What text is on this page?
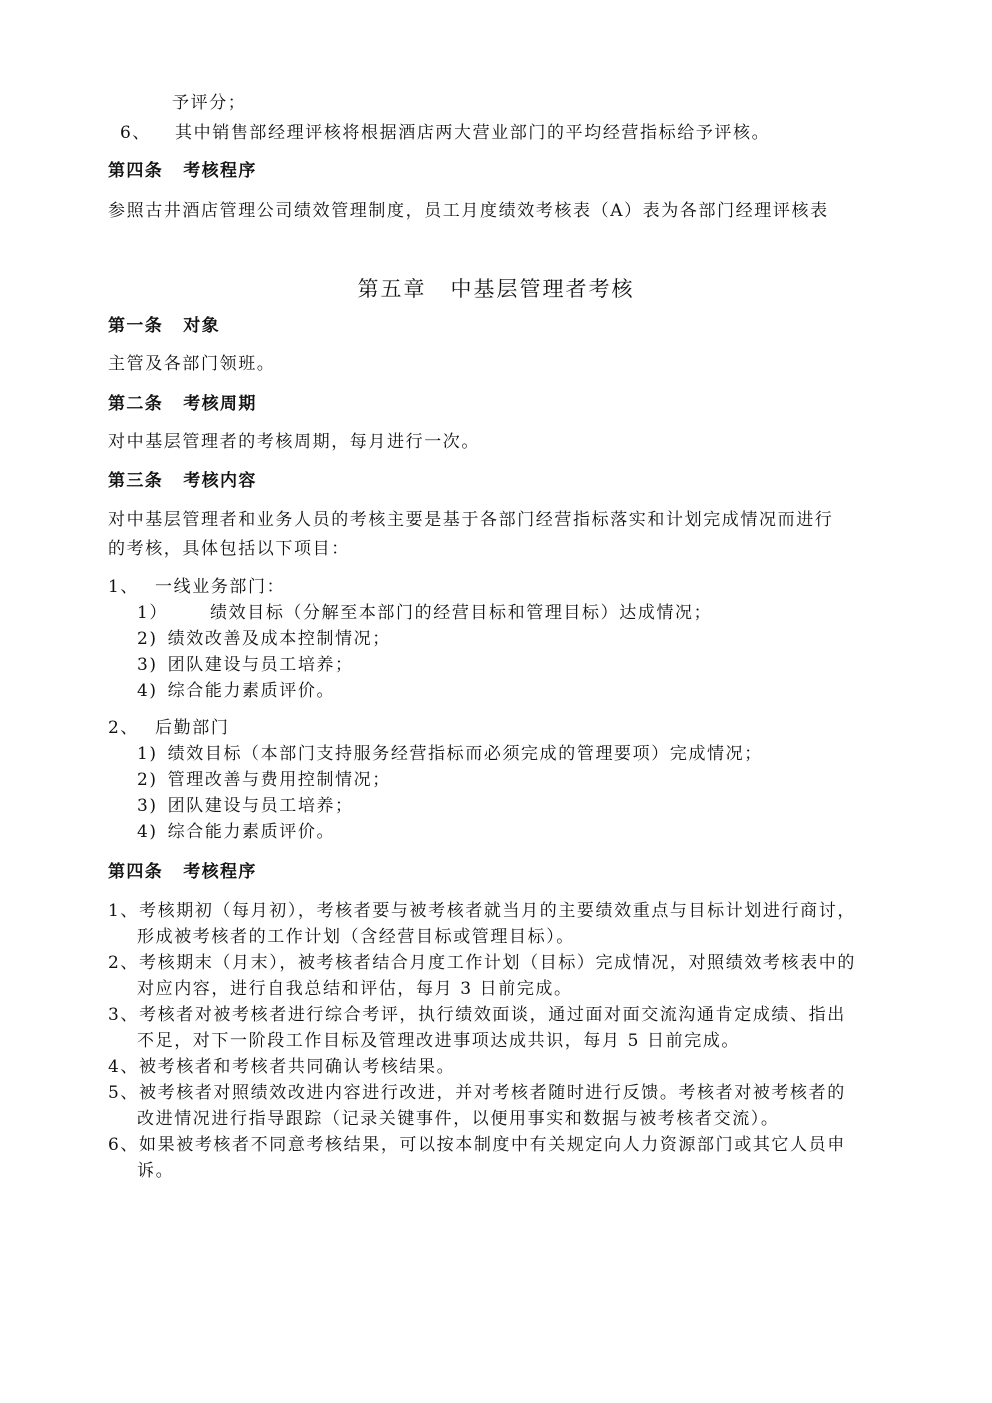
予评分；
6、 其中销售部经理评核将根据酒店两大营业部门的平均经营指标给予评核。
第四条 考核程序
参照古井酒店管理公司绩效管理制度，员工月度绩效考核表（A）表为各部门经理评核表
第五章 中基层管理者考核
第一条 对象
主管及各部门领班。
第二条 考核周期
对中基层管理者的考核周期，每月进行一次。
第三条 考核内容
对中基层管理者和业务人员的考核主要是基于各部门经营指标落实和计划完成情况而进行
的考核，具体包括以下项目：
1、 一线业务部门：
1） 绩效目标（分解至本部门的经营目标和管理目标）达成情况；
2) 绩效改善及成本控制情况；
3) 团队建设与员工培养；
4) 综合能力素质评价。
2、 后勤部门
1) 绩效目标（本部门支持服务经营指标而必须完成的管理要项）完成情况；
2) 管理改善与费用控制情况；
3) 团队建设与员工培养；
4) 综合能力素质评价。
第四条 考核程序
1、考核期初（每月初），考核者要与被考核者就当月的主要绩效重点与目标计划进行商讨，
形成被考核者的工作计划（含经营目标或管理目标）。
2、考核期末（月末），被考核者结合月度工作计划（目标）完成情况，对照绩效考核表中的
对应内容，进行自我总结和评估，每月 3 日前完成。
3、考核者对被考核者进行综合考评，执行绩效面谈，通过面对面交流沟通肯定成绩、指出
不足，对下一阶段工作目标及管理改进事项达成共识，每月 5 日前完成。
4、被考核者和考核者共同确认考核结果。
5、被考核者对照绩效改进内容进行改进，并对考核者随时进行反馈。考核者对被考核者的
改进情况进行指导跟踪（记录关键事件，以便用事实和数据与被考核者交流）。
6、如果被考核者不同意考核结果，可以按本制度中有关规定向人力资源部门或其它人员申
诉。
